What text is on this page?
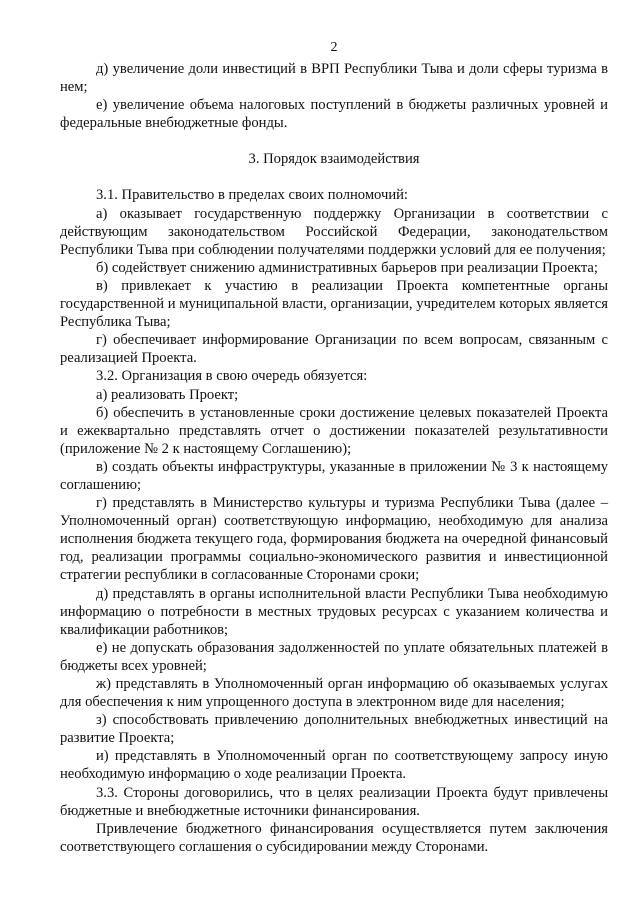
2

д) увеличение доли инвестиций в ВРП Республики Тыва и доли сферы туризма в нем;

е) увеличение объема налоговых поступлений в бюджеты различных уровней и федеральные внебюджетные фонды.

3. Порядок взаимодействия

3.1. Правительство в пределах своих полномочий:

а) оказывает государственную поддержку Организации в соответствии с действующим законодательством Российской Федерации, законодательством Республики Тыва при соблюдении получателями поддержки условий для ее получения;

б) содействует снижению административных барьеров при реализации Проекта;

в) привлекает к участию в реализации Проекта компетентные органы государственной и муниципальной власти, организации, учредителем которых является Республика Тыва;

г) обеспечивает информирование Организации по всем вопросам, связанным с реализацией Проекта.

3.2. Организация в свою очередь обязуется:

а) реализовать Проект;

б) обеспечить в установленные сроки достижение целевых показателей Проекта и ежеквартально представлять отчет о достижении показателей результативности (приложение № 2 к настоящему Соглашению);

в) создать объекты инфраструктуры, указанные в приложении № 3 к настоящему соглашению;

г) представлять в Министерство культуры и туризма Республики Тыва (далее – Уполномоченный орган) соответствующую информацию, необходимую для анализа исполнения бюджета текущего года, формирования бюджета на очередной финансовый год, реализации программы социально-экономического развития и инвестиционной стратегии республики в согласованные Сторонами сроки;

д) представлять в органы исполнительной власти Республики Тыва необходимую информацию о потребности в местных трудовых ресурсах с указанием количества и квалификации работников;

е) не допускать образования задолженностей по уплате обязательных платежей в бюджеты всех уровней;

ж) представлять в Уполномоченный орган информацию об оказываемых услугах для обеспечения к ним упрощенного доступа в электронном виде для населения;

з) способствовать привлечению дополнительных внебюджетных инвестиций на развитие Проекта;

и) представлять в Уполномоченный орган по соответствующему запросу иную необходимую информацию о ходе реализации Проекта.

3.3. Стороны договорились, что в целях реализации Проекта будут привлечены бюджетные и внебюджетные источники финансирования.

Привлечение бюджетного финансирования осуществляется путем заключения соответствующего соглашения о субсидировании между Сторонами.
